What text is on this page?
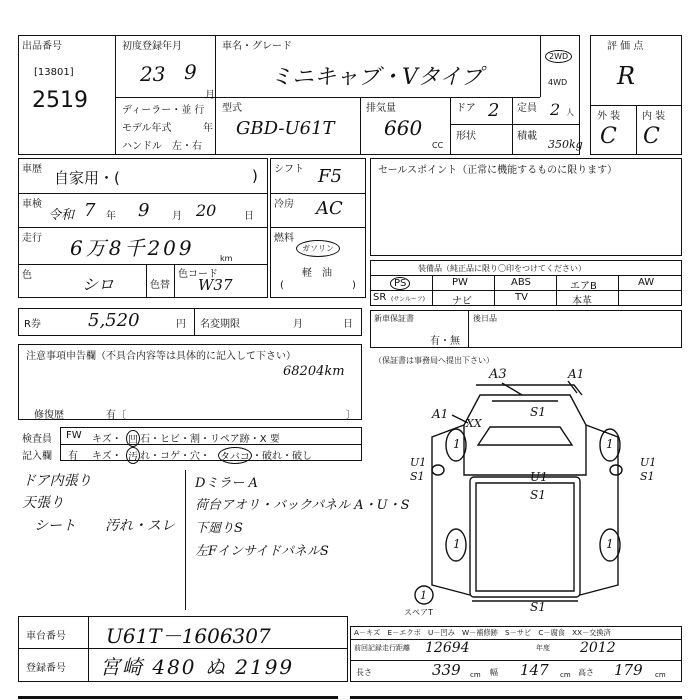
出品番号
[13801]
2519
初度登録年月
23 9
月
ディーラー・並 行
モデル年式	年
ハンドル　左・右
車名・グレード
ミニキャブ・Vタイプ
2WD
4WD
型式
GBD-U61T
排気量
660
CC
ドア 2
形状
定員 2 人
積載
350kg
評 価 点
R
外 装 内 装
C C
車歴 自家用・(	)
車検
令和 7 年 9 月 20	日
走行 6万8千209	km
色	シロ	色替
色コード
W37
シフト F5
冷房 AC
燃料
ガソリン
軽　油
(	)
セールスポイント（正常に機能するものに限ります）
装備品（純正品に限り〇印をつけてください）
PS	PW	ABS	エアB	AW
SR (サンルーフ)	ナビ	TV	本革
R券	5,520	円 名変期限	月	日
新車保証書
有・無
後日品
注意事項申告欄（不具合内容等は具体的に記入して下さい）
68204km
修復歴	有〔	〕
（保証書は事務局へ提出下さい）
検査員
記入欄
FW キズ・ 凹 石・ヒビ・割・リペア跡・X 要
有 キズ・ 汚 れ・コゲ・穴・ タバコ ・破れ・破し
ドア内張り
天張り
シート 汚れ・スレ
Dミラー A
荷台アオリ・バックパネル A・U・S
下廻りS
左FインサイドパネルS
A3	A1
S1
A1
XX
1	1
U1
S1	U1
S1
U1
S1
1	1
S1
1
スペアT
車台番号 U61T－1606307
登録番号 宮崎 480 ぬ 2199
A－キズ　E－エクボ　U－凹み　W－補修跡　S－サビ　C－腐食　XX－交換済
前回記録走行距離 12694	年度 2012
長さ	339 cm 幅 147 cm 高さ 179 cm
